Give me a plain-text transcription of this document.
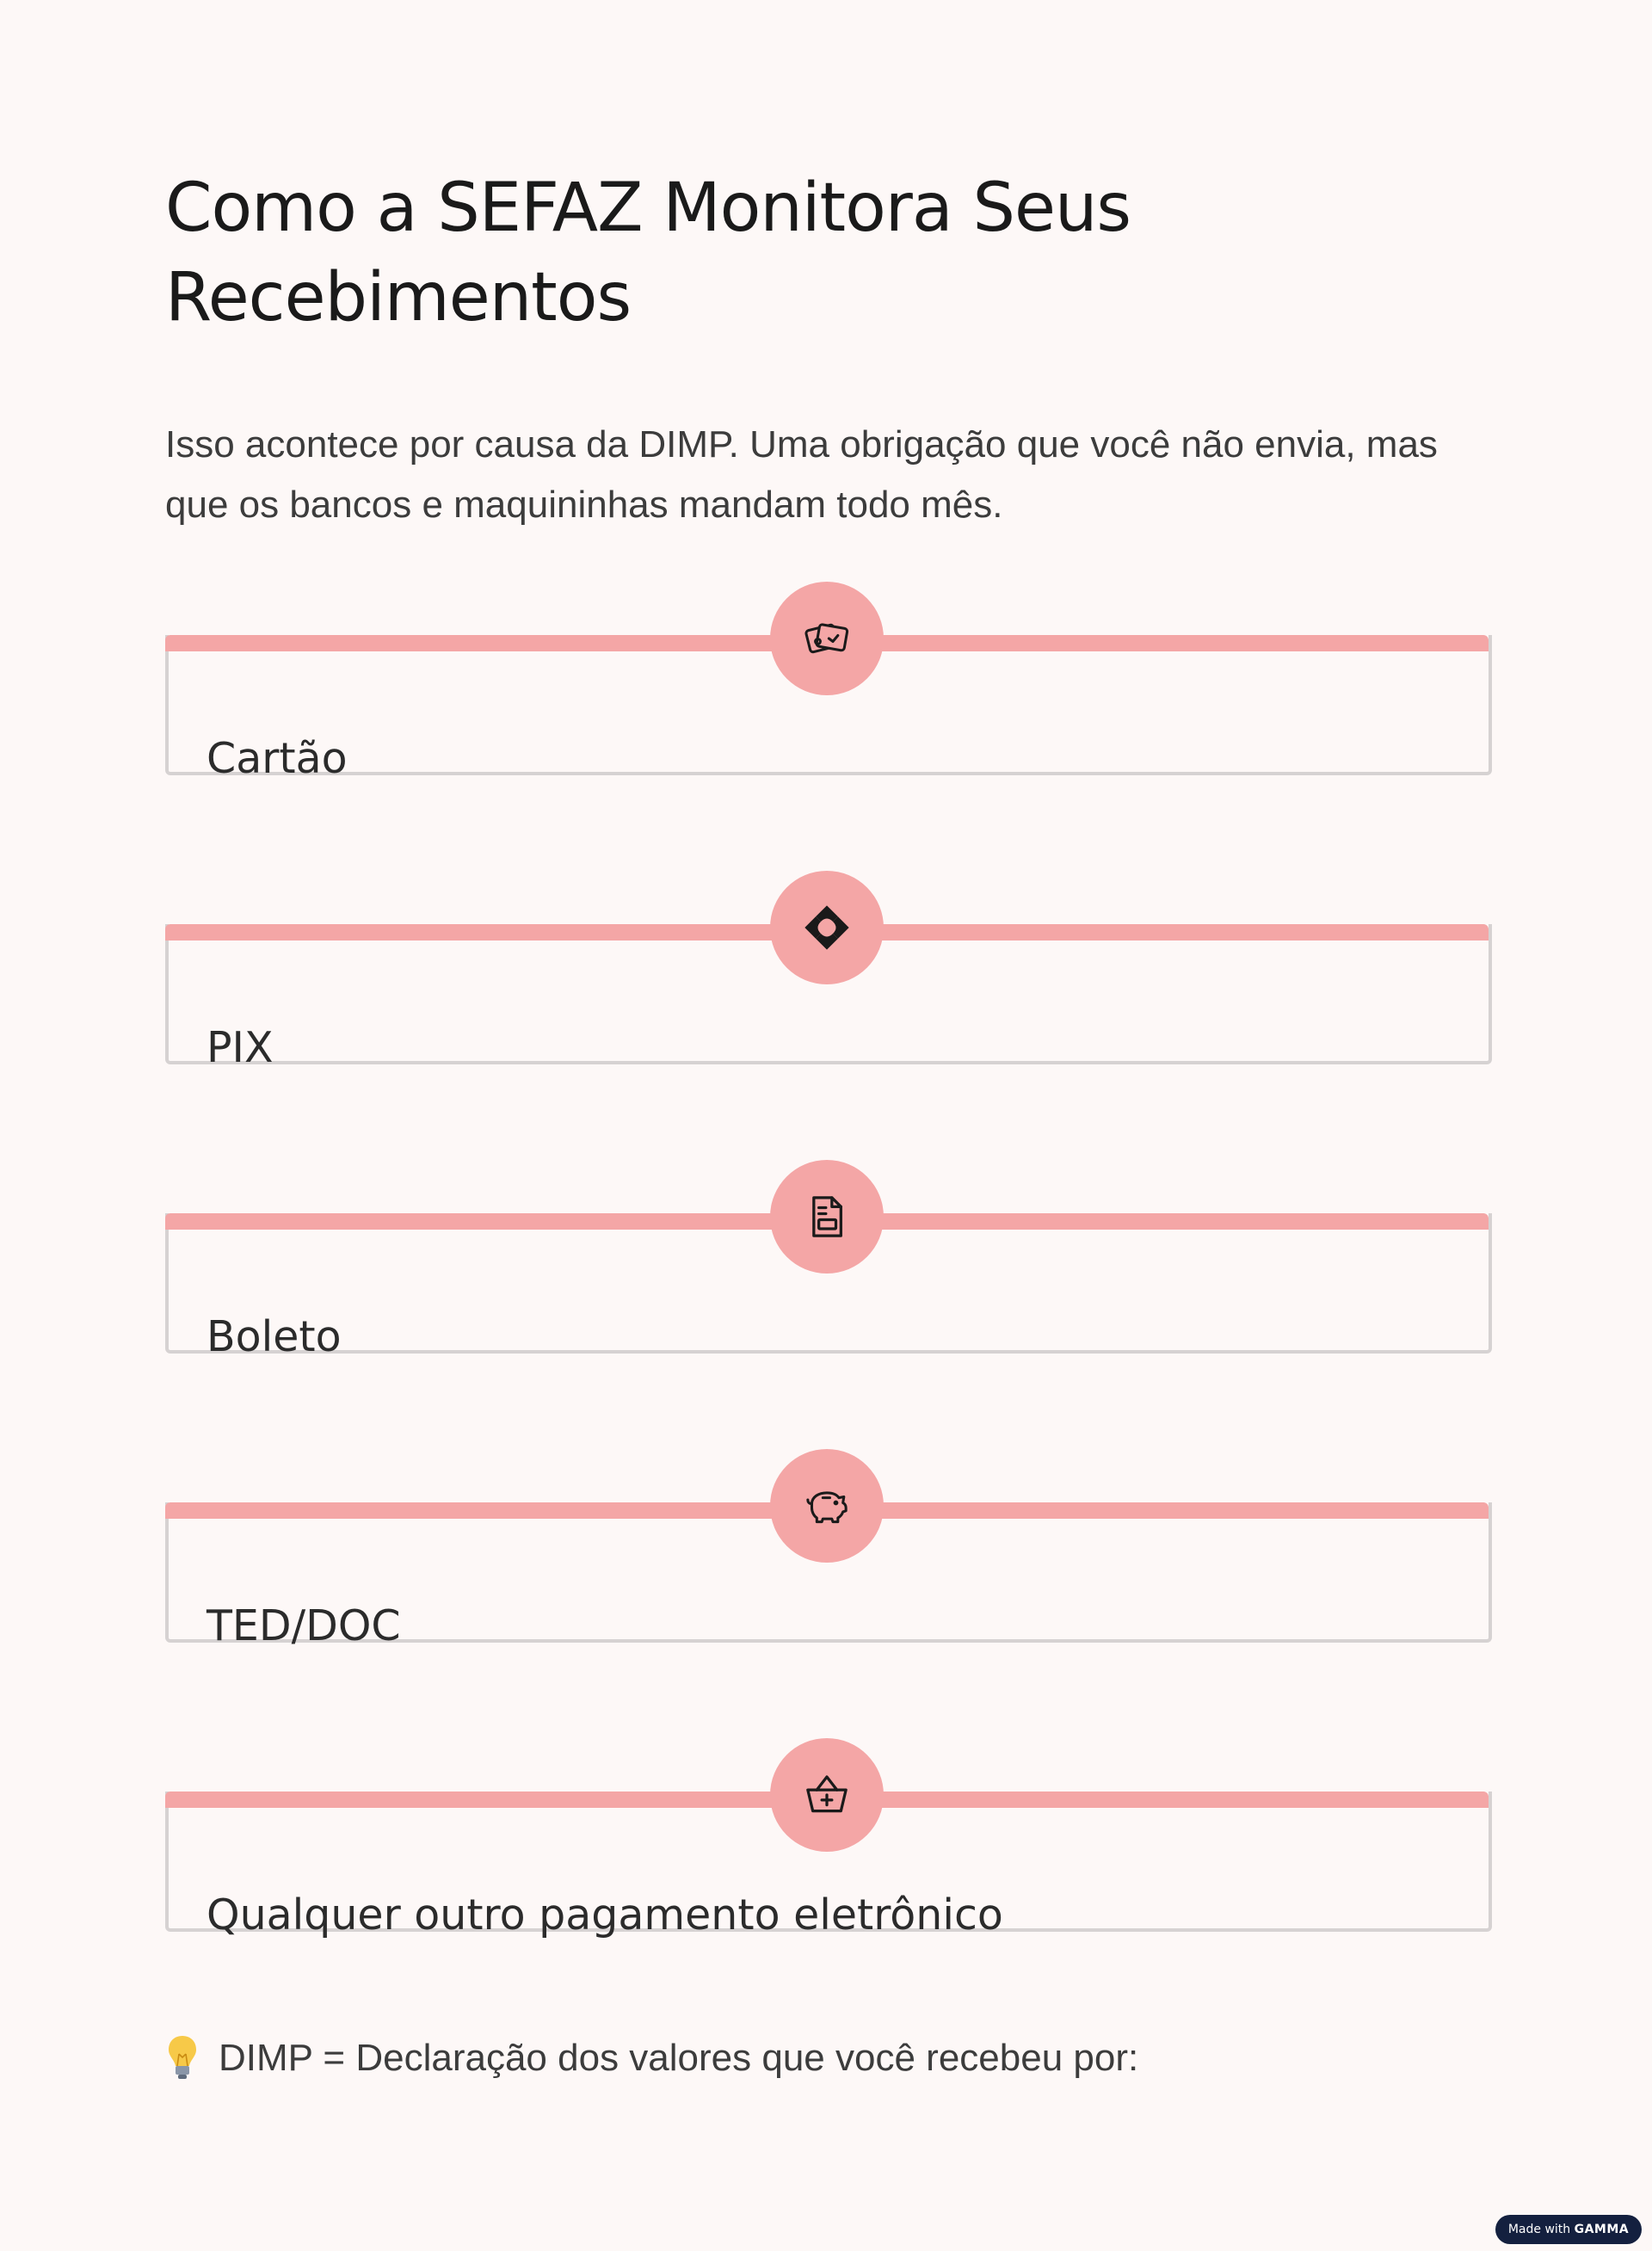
Como a SEFAZ Monitora Seus Recebimentos

Isso acontece por causa da DIMP. Uma obrigação que você não envia, mas que os bancos e maquininhas mandam todo mês.

Cartão
PIX
Boleto
TED/DOC
Qualquer outro pagamento eletrônico
DIMP = Declaração dos valores que você recebeu por:
Made with GAMMA
